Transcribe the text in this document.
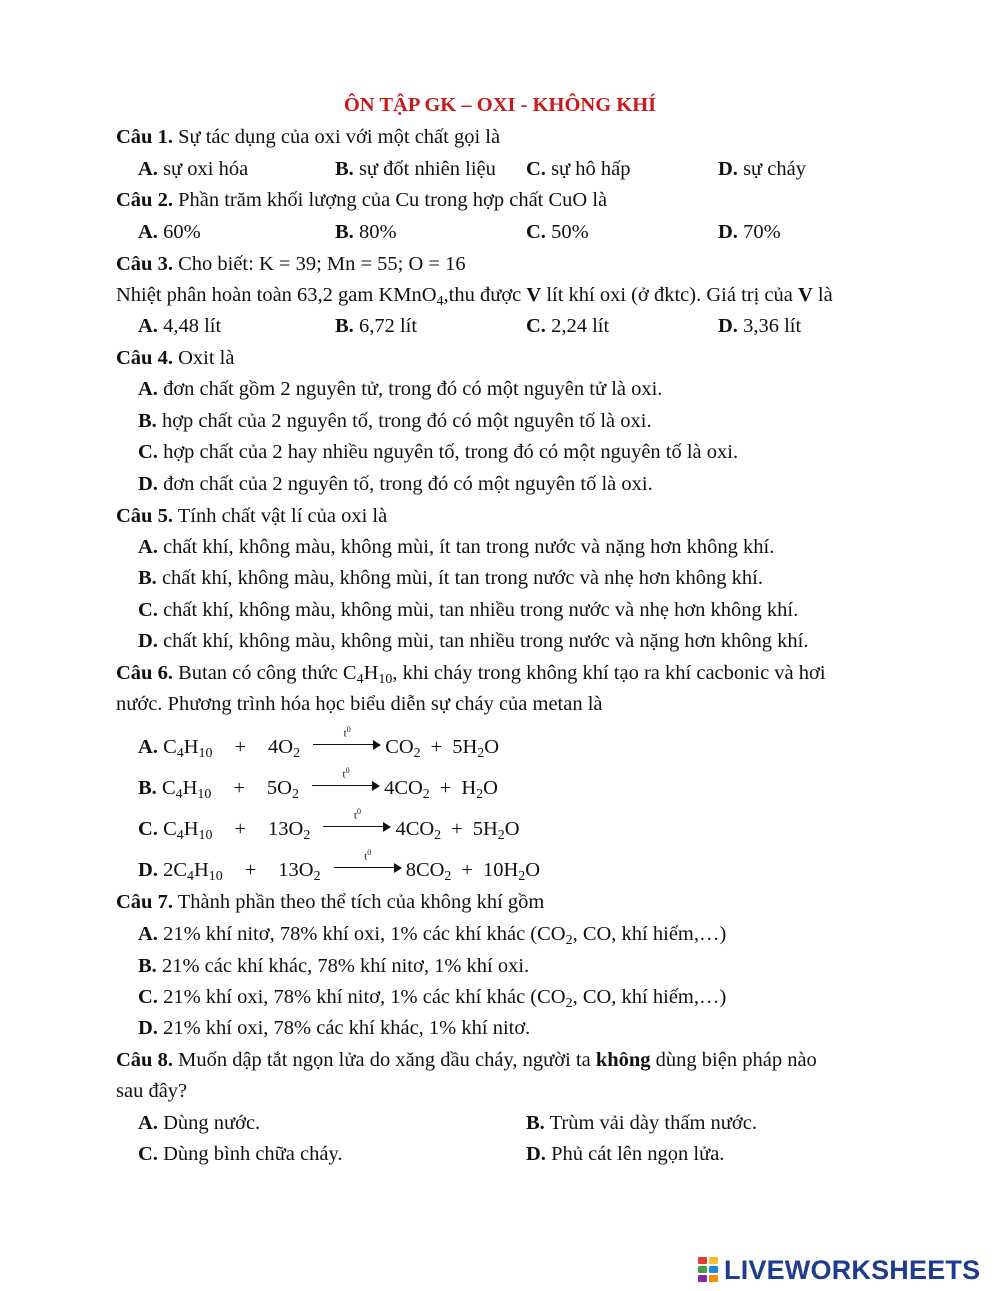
ÔN TẬP GK – OXI - KHÔNG KHÍ
Câu 1. Sự tác dụng của oxi với một chất gọi là
A. sự oxi hóa	B. sự đốt nhiên liệu C. sự hô hấp	D. sự cháy
Câu 2. Phần trăm khối lượng của Cu trong hợp chất CuO là
A. 60%	B. 80%	C. 50%	D. 70%
Câu 3. Cho biết: K = 39; Mn = 55; O = 16
Nhiệt phân hoàn toàn 63,2 gam KMnO$_4$,thu được V lít khí oxi (ở đktc). Giá trị của V là
A. 4,48 lít	B. 6,72 lít	C. 2,24 lít	D. 3,36 lít
Câu 4. Oxit là
A. đơn chất gồm 2 nguyên tử, trong đó có một nguyên tử là oxi.
B. hợp chất của 2 nguyên tố, trong đó có một nguyên tố là oxi.
C. hợp chất của 2 hay nhiều nguyên tố, trong đó có một nguyên tố là oxi.
D. đơn chất của 2 nguyên tố, trong đó có một nguyên tố là oxi.
Câu 5. Tính chất vật lí của oxi là
A. chất khí, không màu, không mùi, ít tan trong nước và nặng hơn không khí.
B. chất khí, không màu, không mùi, ít tan trong nước và nhẹ hơn không khí.
C. chất khí, không màu, không mùi, tan nhiều trong nước và nhẹ hơn không khí.
D. chất khí, không màu, không mùi, tan nhiều trong nước và nặng hơn không khí.
Câu 6. Butan có công thức $C_4H_{10}$, khi cháy trong không khí tạo ra khí cacbonic và hơi
nước. Phương trình hóa học biểu diễn sự cháy của metan là
A. $C_4H_{10} + 4O_2$
$t^0$
$CO_2 + 5H_2O$
B. $C_4H_{10} + 5O_2$
$t^0$
$4CO_2 + H_2O$
C. $C_4H_{10} + 13O_2$
$t^0$
$4CO_2 + 5H_2O$
D. $2C_4H_{10} + 13O_2$
$t^0$
$8CO_2 + 10H_2O$
Câu 7. Thành phần theo thể tích của không khí gồm
A. 21% khí nitơ, 78% khí oxi, 1% các khí khác ($CO_2$, CO, khí hiếm,…)
B. 21% các khí khác, 78% khí nitơ, 1% khí oxi.
C. 21% khí oxi, 78% khí nitơ, 1% các khí khác ($CO_2$, CO, khí hiếm,…)
D. 21% khí oxi, 78% các khí khác, 1% khí nitơ.
Câu 8. Muốn dập tắt ngọn lửa do xăng dầu cháy, người ta không dùng biện pháp nào
sau đây?
A. Dùng nước.	B. Trùm vải dày thấm nước.
C. Dùng bình chữa cháy.	D. Phủ cát lên ngọn lửa.
LIVEWORKSHEETS
